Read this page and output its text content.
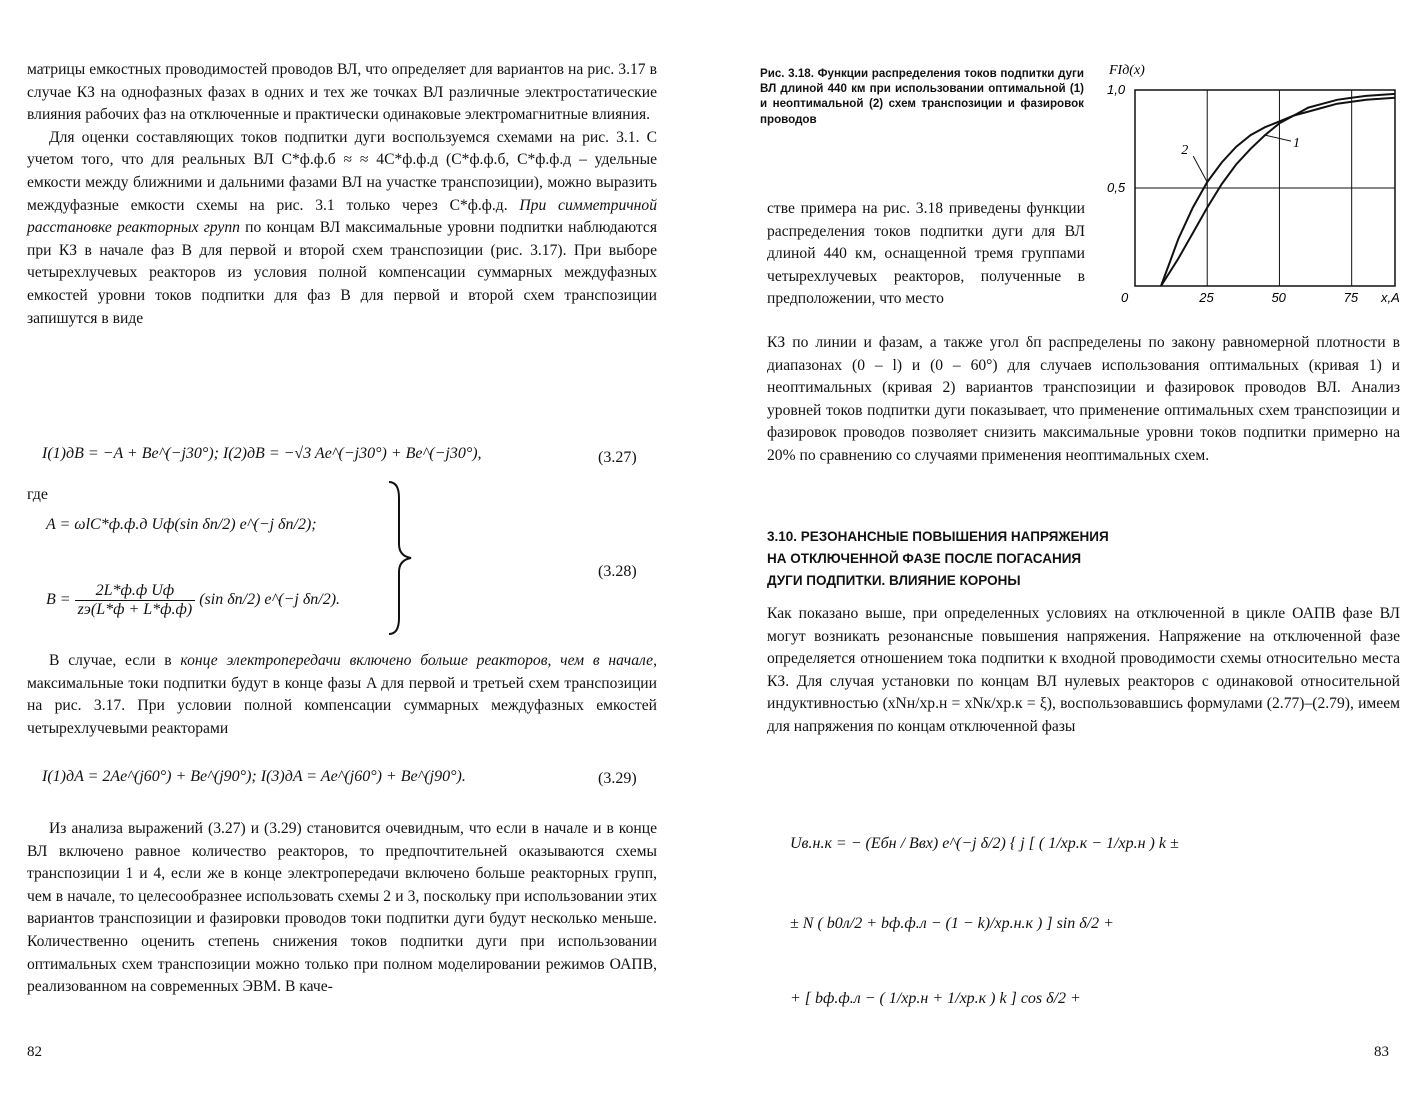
матрицы емкостных проводимостей проводов ВЛ, что определяет для вариантов на рис. 3.17 в случае КЗ на однофазных фазах в одних и тех же точках ВЛ различные электростатические влияния рабочих фаз на отключенные и практически одинаковые электромагнитные влияния.

Для оценки составляющих токов подпитки дуги воспользуемся схемами на рис. 3.1. С учетом того, что для реальных ВЛ C*ф.ф.б ≈ ≈ 4C*ф.ф.д (C*ф.ф.б, C*ф.ф.д – удельные емкости между ближними и дальними фазами ВЛ на участке транспозиции), можно выразить междуфазные емкости схемы на рис. 3.1 только через C*ф.ф.д. При симметричной расстановке реакторных групп по концам ВЛ максимальные уровни подпитки наблюдаются при КЗ в начале фаз B для первой и второй схем транспозиции (рис. 3.17). При выборе четырехлучевых реакторов из условия полной компенсации суммарных междуфазных емкостей уровни токов подпитки для фаз B для первой и второй схем транспозиции запишутся в виде

I(1)дB = −A + Be^(−j30°); I(2)дB = −√3 Ae^(−j30°) + Be^(−j30°),	(3.27)
где
A = ωlC*ф.ф.д Uф(sin δп/2) e^(−j δп/2);
$B = \frac{\text{2L*ф.ф Uф}}{zэ(L*ф + L*ф.ф)} (\sin$ δп/2) e^(−j δп/2).
(3.28)

В случае, если в конце электропередачи включено больше реакторов, чем в начале, максимальные токи подпитки будут в конце фазы A для первой и третьей схем транспозиции на рис. 3.17. При условии полной компенсации суммарных междуфазных емкостей четырехлучевыми реакторами

I(1)дA = 2Ae^(j60°) + Be^(j90°); I(3)дA = Ae^(j60°) + Be^(j90°).	(3.29)

Из анализа выражений (3.27) и (3.29) становится очевидным, что если в начале и в конце ВЛ включено равное количество реакторов, то предпочтительней оказываются схемы транспозиции 1 и 4, если же в конце электропередачи включено больше реакторных групп, чем в начале, то целесообразнее использовать схемы 2 и 3, поскольку при использовании этих вариантов транспозиции и фазировки проводов токи подпитки дуги будут несколько меньше. Количественно оценить степень снижения токов подпитки дуги при использовании оптимальных схем транспозиции можно только при полном моделировании режимов ОАПВ, реализованном на современных ЭВМ. В каче-

82
Рис. 3.18. Функции распределения токов подпитки дуги ВЛ длиной 440 км при использовании оптимальной (1) и неоптимальной (2) схем транспозиции и фазировок проводов
1
2
0	25	50	75
0,5
1,0
x,A
FIд(x)
стве примера на рис. 3.18 приведены функции распределения токов подпитки дуги для ВЛ длиной 440 км, оснащенной тремя группами четырехлучевых реакторов, полученные в предположении, что место
КЗ по линии и фазам, а также угол δп распределены по закону равномерной плотности в диапазонах (0 – l) и (0 – 60°) для случаев использования оптимальных (кривая 1) и неоптимальных (кривая 2) вариантов транспозиции и фазировок проводов ВЛ. Анализ уровней токов подпитки дуги показывает, что применение оптимальных схем транспозиции и фазировок проводов позволяет снизить максимальные уровни токов подпитки примерно на 20% по сравнению со случаями применения неоптимальных схем.
3.10. РЕЗОНАНСНЫЕ ПОВЫШЕНИЯ НАПРЯЖЕНИЯ
НА ОТКЛЮЧЕННОЙ ФАЗЕ ПОСЛЕ ПОГАСАНИЯ
ДУГИ ПОДПИТКИ. ВЛИЯНИЕ КОРОНЫ
Как показано выше, при определенных условиях на отключенной в цикле ОАПВ фазе ВЛ могут возникать резонансные повышения напряжения. Напряжение на отключенной фазе определяется отношением тока подпитки к входной проводимости схемы относительно места КЗ. Для случая установки по концам ВЛ нулевых реакторов с одинаковой относительной индуктивностью (xNн/xр.н = xNк/xр.к = ξ), воспользовавшись формулами (2.77)–(2.79), имеем для напряжения по концам отключенной фазы
Uв.н.к = − (Eбн / Bвх) e^(−j δ/2) { j [ ( 1/xр.к − 1/xр.н ) k ±
± N ( b0л/2 + bф.ф.л − (1 − k)/xр.н.к ) ] sin δ/2 +
+ [ bф.ф.л − ( 1/xр.н + 1/xр.к ) k ] cos δ/2 +
83
